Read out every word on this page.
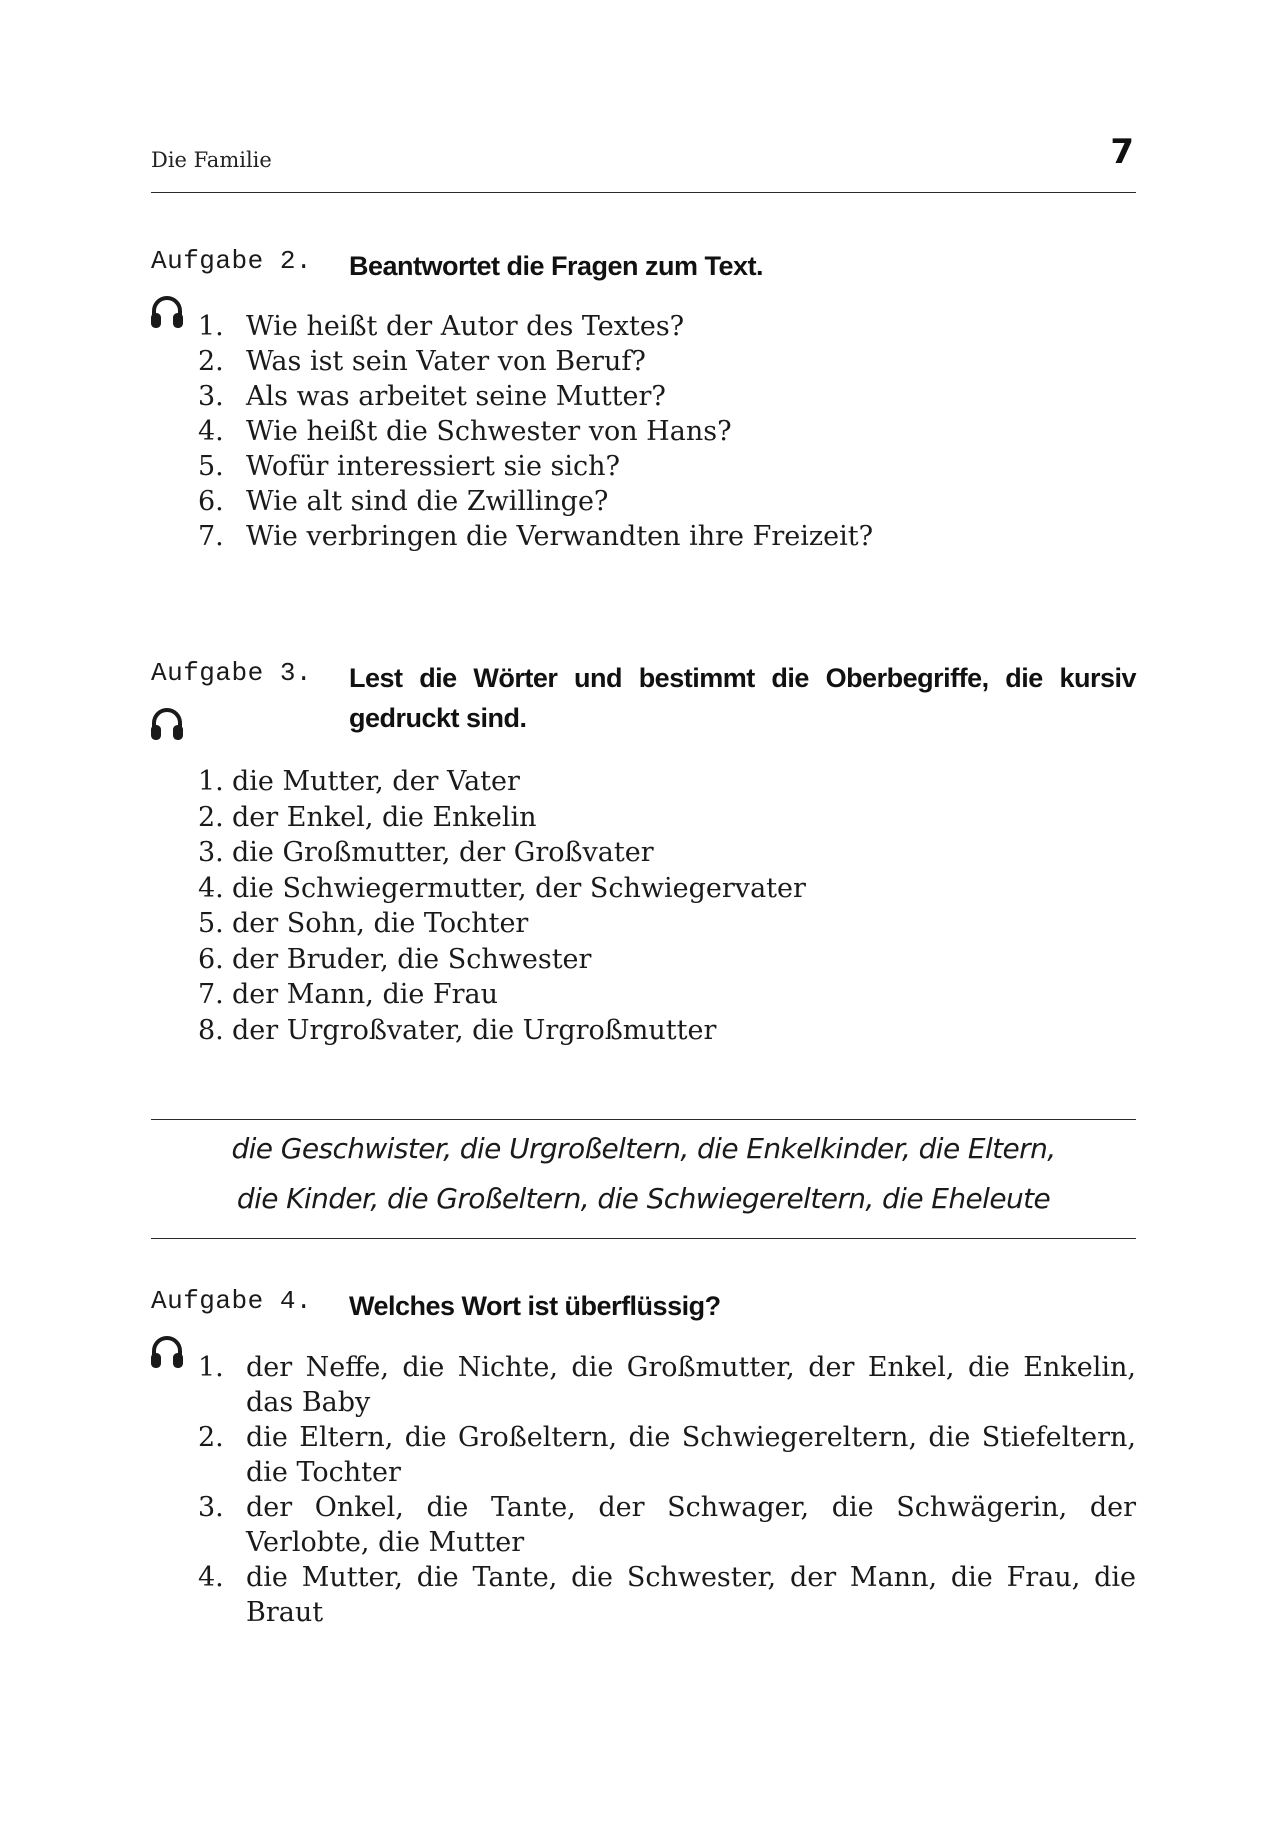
Die Familie	7
Aufgabe 2. Beantwortet die Fragen zum Text.
1. Wie heißt der Autor des Textes?
2. Was ist sein Vater von Beruf?
3. Als was arbeitet seine Mutter?
4. Wie heißt die Schwester von Hans?
5. Wofür interessiert sie sich?
6. Wie alt sind die Zwillinge?
7. Wie verbringen die Verwandten ihre Freizeit?
Aufgabe 3. Lest die Wörter und bestimmt die Oberbegriffe, die kursiv gedruckt sind.
1. die Mutter, der Vater
2. der Enkel, die Enkelin
3. die Großmutter, der Großvater
4. die Schwiegermutter, der Schwiegervater
5. der Sohn, die Tochter
6. der Bruder, die Schwester
7. der Mann, die Frau
8. der Urgroßvater, die Urgroßmutter
die Geschwister, die Urgroßeltern, die Enkelkinder, die Eltern,
die Kinder, die Großeltern, die Schwiegereltern, die Eheleute
Aufgabe 4. Welches Wort ist überflüssig?
1. der Neffe, die Nichte, die Großmutter, der Enkel, die Enkelin, das Baby
2. die Eltern, die Großeltern, die Schwiegereltern, die Stiefeltern, die Tochter
3. der Onkel, die Tante, der Schwager, die Schwägerin, der Verlobte, die Mutter
4. die Mutter, die Tante, die Schwester, der Mann, die Frau, die Braut
